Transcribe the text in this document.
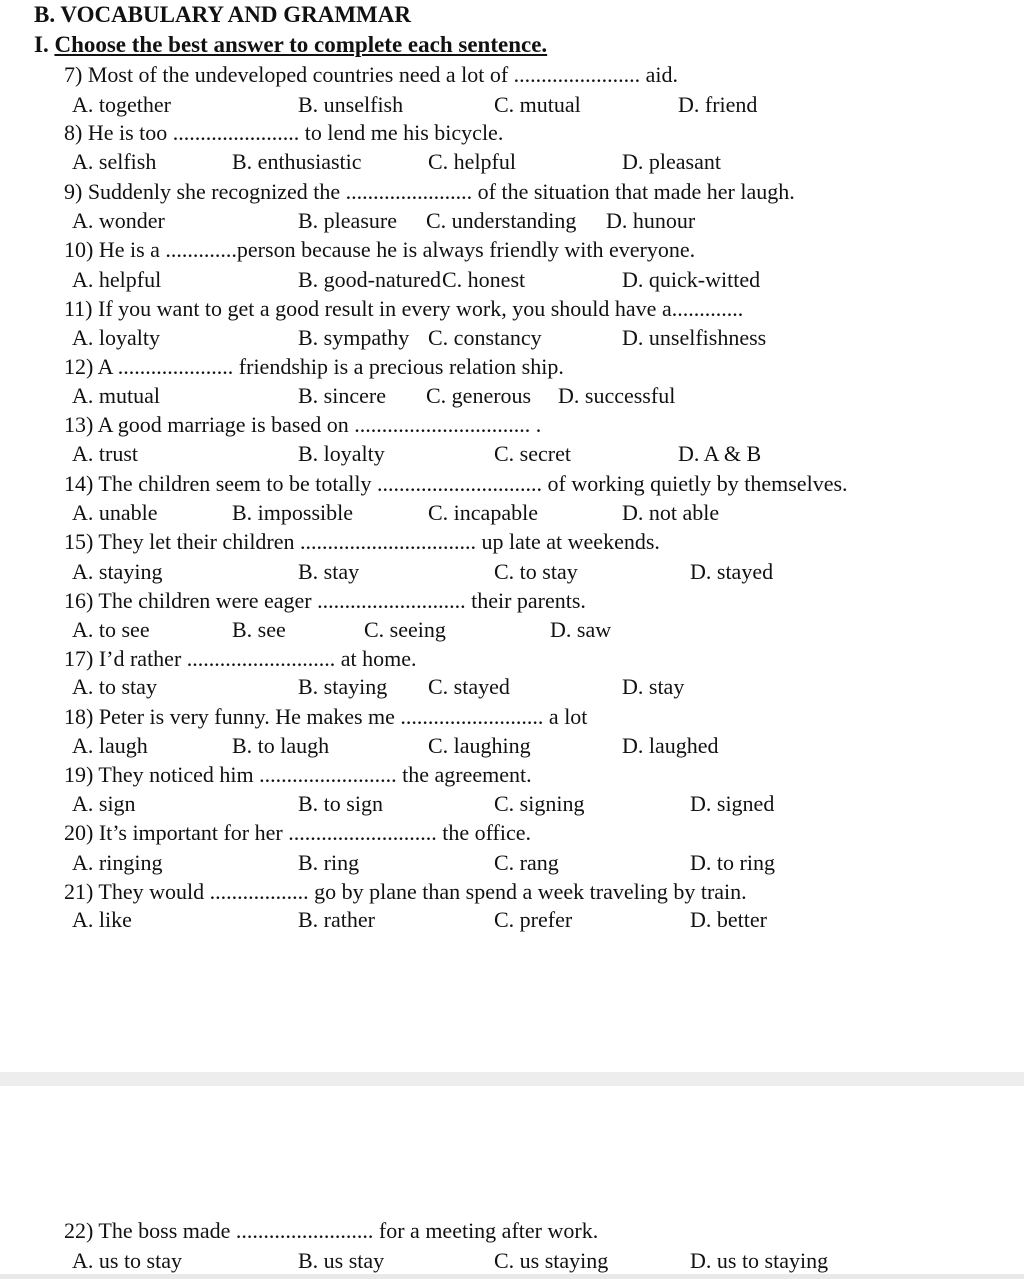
B. VOCABULARY AND GRAMMAR
I. Choose the best answer to complete each sentence.
7) Most of the undeveloped countries need a lot of ....................... aid.
A. together	B. unselfish	C. mutual	D. friend
8) He is too ....................... to lend me his bicycle.
A. selfish	B. enthusiastic	C. helpful	D. pleasant
9) Suddenly she recognized the ....................... of the situation that made her laugh.
A. wonder	B. pleasure C. understanding D. hunour
10) He is a .............person because he is always friendly with everyone.
A. helpful	B. good-natured C. honest	D. quick-witted
11) If you want to get a good result in every work, you should have a.............
A. loyalty	B. sympathy C. constancy	D. unselfishness
12) A ..................... friendship is a precious relation ship.
A. mutual	B. sincere C. generous D. successful
13) A good marriage is based on ................................ .
A. trust	B. loyalty	C. secret	D. A & B
14) The children seem to be totally .............................. of working quietly by themselves.
A. unable	B. impossible	C. incapable	D. not able
15) They let their children ................................ up late at weekends.
A. staying	B. stay	C. to stay	D. stayed
16) The children were eager ........................... their parents.
A. to see	B. see	C. seeing	D. saw
17) I’d rather ........................... at home.
A. to stay	B. staying C. stayed	D. stay
18) Peter is very funny. He makes me .......................... a lot
A. laugh	B. to laugh	C. laughing	D. laughed
19) They noticed him ......................... the agreement.
A. sign	B. to sign	C. signing	D. signed
20) It’s important for her ........................... the office.
A. ringing	B. ring	C. rang	D. to ring
21) They would .................. go by plane than spend a week traveling by train.
A. like	B. rather	C. prefer	D. better
22) The boss made ......................... for a meeting after work.
A. us to stay	B. us stay	C. us staying	D. us to staying
